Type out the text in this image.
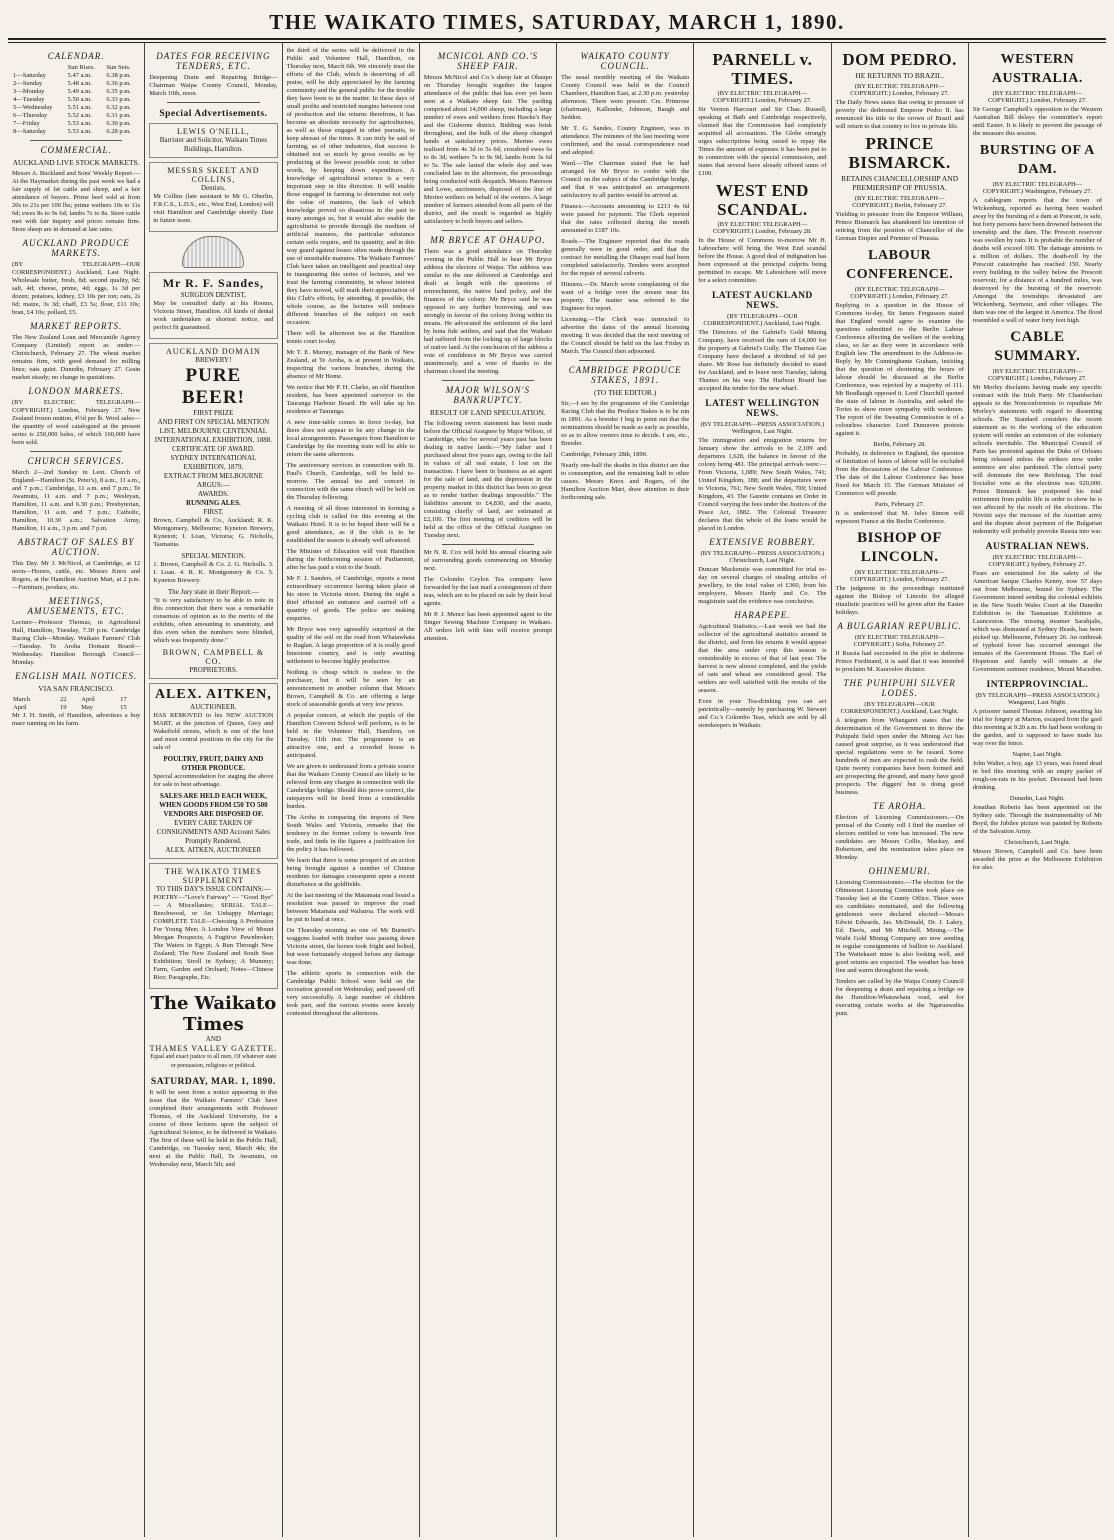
THE WAIKATO TIMES, SATURDAY, MARCH 1, 1890.
CALENDAR.
	Sun Rises.	Sun Sets.
1—Saturday	5.47 a.m.	6.38 p.m.
2—Sunday	5.48 a.m.	6.36 p.m.
3—Monday	5.49 a.m.	6.35 p.m.
4—Tuesday	5.50 a.m.	6.33 p.m.
5—Wednesday	5.51 a.m.	6.32 p.m.
6—Thursday	5.52 a.m.	6.31 p.m.
7—Friday	5.53 a.m.	6.30 p.m.
8—Saturday	5.53 a.m.	6.28 p.m.
COMMERCIAL.
AUCKLAND LIVE STOCK MARKETS.

Messrs A. Buckland and Sons' Weekly Report.—At the Haymarket during the past week we had a fair supply of fat cattle and sheep, and a fair attendance of buyers. Prime beef sold at from 20s to 21s per 100 lbs; prime wethers 10s to 11s 6d; ewes 8s to 9s 6d; lambs 7s to 8s. Store cattle met with fair inquiry and prices remain firm. Store sheep are in demand at late rates.

AUCKLAND PRODUCE MARKETS.

(BY TELEGRAPH—OUR CORRESPONDENT.) Auckland, Last Night. Wholesale butter, fresh, 8d; second quality, 6d; salt, 4d; cheese, prime, 4d; eggs, 1s 3d per dozen; potatoes, kidney, £3 10s per ton; oats, 2s 6d; maize, 3s 3d; chaff, £3 5s; flour, £11 10s; bran, £4 10s; pollard, £5.

MARKET REPORTS.

The New Zealand Loan and Mercantile Agency Company (Limited) report as under:— Christchurch, February 27. The wheat market remains firm, with good demand for milling lines; oats quiet. Dunedin, February 27. Grain market steady; no change in quotations.

LONDON MARKETS.

(BY ELECTRIC TELEGRAPH—COPYRIGHT.) London, February 27. New Zealand frozen mutton, 4½d per lb. Wool sales—the quantity of wool catalogued at the present series is 250,000 bales, of which 160,000 have been sold.

CHURCH SERVICES.

March 2—2nd Sunday in Lent. Church of England—Hamilton (St. Peter's), 8 a.m., 11 a.m., and 7 p.m.; Cambridge, 11 a.m. and 7 p.m.; Te Awamutu, 11 a.m. and 7 p.m.; Wesleyan, Hamilton, 11 a.m. and 6.30 p.m.; Presbyterian, Hamilton, 11 a.m. and 7 p.m.; Catholic, Hamilton, 10.30 a.m.; Salvation Army, Hamilton, 11 a.m., 3 p.m. and 7 p.m.

ABSTRACT OF SALES BY AUCTION.

This Day. Mr J. McNicol, at Cambridge, at 12 noon—Horses, cattle, etc. Messrs Knox and Rogers, at the Hamilton Auction Mart, at 2 p.m.—Furniture, produce, etc.

MEETINGS, AMUSEMENTS, ETC.

Lecture—Professor Thomas, in Agricultural Hall, Hamilton, Tuesday, 7.30 p.m. Cambridge Racing Club—Monday. Waikato Farmers' Club—Tuesday. Te Aroha Domain Board—Wednesday. Hamilton Borough Council—Monday.

ENGLISH MAIL NOTICES.
VIA SAN FRANCISCO.
March	22	April	17
April	19	May	15

Mr J. H. Smith, of Hamilton, advertises a buy mare running on his farm.

DATES FOR RECEIVING TENDERS, ETC.

Deepening Drain and Repairing Bridge—Chairman Waipa County Council, Monday, March 10th, noon.

Special Advertisements.
LEWIS O'NEILL,
Barrister and Solicitor, Waikato Times Buildings, Hamilton.
MESSRS SKEET AND COLLINS,
Dentists.

Mr Collins (late assistant to Mr G. Oberlin, F.R.C.S., L.D.S., etc., West End, London) will visit Hamilton and Cambridge shortly. Date in future issue.

Mr R. F. Sandes,
SURGEON DENTIST,

May be consulted daily at his Rooms, Victoria Street, Hamilton. All kinds of dental work undertaken at shortest notice, and perfect fit guaranteed.

AUCKLAND DOMAIN
BREWERY!
PURE BEER!
FIRST PRIZE
AND FIRST ON SPECIAL MENTION LIST, MELBOURNE CENTENNIAL INTERNATIONAL EXHIBITION, 1888.
CERTIFICATE OF AWARD.
SYDNEY INTERNATIONAL EXHIBITION, 1879.
EXTRACT FROM MELBOURNE ARGUS:—
AWARDS.
RUNNING ALES.
FIRST.

Brown, Campbell & Co., Auckland; R. K. Montgomery, Melbourne; Kyneton Brewery, Kyneton; I. Loan, Victoria; G. Nicholls, Tasmania.

SPECIAL MENTION.

1. Brown, Campbell & Co. 2. G. Nicholls. 3. I. Loan. 4. R. K. Montgomery & Co. 5. Kyneton Brewery.

The Jury state in their Report:—

"It is very satisfactory to be able to note in this connection that there was a remarkable consensus of opinion as to the merits of the exhibits, often amounting to unanimity, and this even when the numbers were blinded, which was frequently done."

BROWN, CAMPBELL & CO.
PROPRIETORS.
ALEX. AITKEN,
AUCTIONEER.

HAS REMOVED to his NEW AUCTION MART, at the junction of Queen, Grey and Wakefield streets, which is one of the best and most central positions in the city for the sale of

POULTRY, FRUIT, DAIRY AND OTHER PRODUCE.

Special accommodation for staging the above for sale to best advantage.

SALES ARE HELD EACH WEEK, WHEN GOODS FROM £50 TO 500 VENDORS ARE DISPOSED OF.
EVERY CARE TAKEN OF CONSIGNMENTS AND Account Sales Promptly Rendered.
ALEX. AITKEN, AUCTIONEER
THE WAIKATO TIMES SUPPLEMENT
TO THIS DAY'S ISSUE CONTAINS:—

POETRY—"Love's Fairway" — "Good Bye" — A Miscellanies; SERIAL TALE—Beechwood, or An Unhappy Marriage; COMPLETE TALE—Choosing A Profession For Young Men; A London View of Mount Morgan Prospects; A Fugitive Pawnbroker; The Waters in Egypt; A Run Through New Zealand; The New Zealand and South Seas Exhibition; Stroll in Sydney; A Mummy; Farm, Garden and Orchard; Notes—Chinese Rice; Paragraphs, Etc.

The Waikato Times
AND
THAMES VALLEY GAZETTE.
Equal and exact justice to all men, Of whatever state or persuasion, religious or political.
SATURDAY, MAR. 1, 1890.

It will be seen from a notice appearing in this issue that the Waikato Farmers' Club have completed their arrangements with Professor Thomas, of the Auckland University, for a course of three lectures upon the subject of Agricultural Science, to be delivered in Waikato. The first of these will be held in the Public Hall, Cambridge, on Tuesday next, March 4th; the next at the Public Hall, Te Awamutu, on Wednesday next, March 5th; and

the third of the series will be delivered in the Public and Volunteer Hall, Hamilton, on Thursday next, March 6th. We sincerely trust the efforts of the Club, which is deserving of all praise, will be duly appreciated by the farming community and the general public for the trouble they have been to in the matter. In these days of small profits and restricted margins between cost of production and the returns therefrom, it has become an absolute necessity for agriculturists, as well as those engaged in other pursuits, to keep abreast of the times. It can truly be said of farming, as of other industries, that success is obtained not so much by gross results as by producing at the lowest possible cost; in other words, by keeping down expenditure. A knowledge of agricultural science is a very important step in this direction. It will enable those engaged in farming to determine not only the value of manures, the lack of which knowledge proved so disastrous in the past to many amongst us, but it would also enable the agriculturist to provide through the medium of artificial manures, the particular substance certain soils require, and its quantity, and in this way guard against losses often made through the use of unsuitable manures. The Waikato Farmers' Club have taken an intelligent and practical step in inaugurating this series of lectures, and we trust the farming community, in whose interest they have moved, will mark their appreciation of this Club's efforts, by attending, if possible, the whole course, as the lectures will embrace different branches of the subject on each occasion.

There will be afternoon tea at the Hamilton tennis court to-day.

Mr T. E. Murray, manager of the Bank of New Zealand, at Te Aroha, is at present in Waikato, inspecting the various branches, during the absence of Mr Home.

We notice that Mr P. H. Clarke, an old Hamilton resident, has been appointed surveyor to the Tauranga Harbour Board. He will take up his residence at Tauranga.

A new time-table comes in force to-day, but there does not appear to be any change in the local arrangements. Passengers from Hamilton to Cambridge by the morning train will be able to return the same afternoon.

The anniversary services in connection with St. Paul's Church, Cambridge, will be held to-morrow. The annual tea and concert in connection with the same church will be held on the Thursday following.

A meeting of all those interested in forming a cycling club is called for this evening at the Waikato Hotel. It is to be hoped there will be a good attendance, as if the club is to be established the season is already well advanced.

The Minister of Education will visit Hamilton during the forthcoming session of Parliament, after he has paid a visit to the South.

Mr F. J. Sanders, of Cambridge, reports a most extraordinary occurrence having taken place at his store in Victoria street. During the night a thief effected an entrance and carried off a quantity of goods. The police are making enquiries.

Mr Bryce was very agreeably surprised at the quality of the soil on the road from Whatawhata to Raglan. A large proportion of it is really good limestone country, and is only awaiting settlement to become highly productive.

Nothing is cheap which is useless to the purchaser, but it will be seen by an announcement in another column that Messrs Brown, Campbell & Co. are offering a large stock of seasonable goods at very low prices.

A popular concert, at which the pupils of the Hamilton Convent School will perform, is to be held in the Volunteer Hall, Hamilton, on Tuesday, 11th inst. The programme is an attractive one, and a crowded house is anticipated.

We are given to understand from a private source that the Waikato County Council are likely to be relieved from any charges in connection with the Cambridge bridge. Should this prove correct, the ratepayers will be freed from a considerable burden.

The Aroha in comparing the imports of New South Wales and Victoria, remarks that the tendency in the former colony is towards free trade, and finds in the figures a justification for the policy it has followed.

We learn that there is some prospect of an action being brought against a number of Chinese residents for damages consequent upon a recent disturbance at the goldfields.

At the last meeting of the Matamata road board a resolution was passed to improve the road between Matamata and Waharoa. The work will be put in hand at once.

On Thursday morning as one of Mr Burnett's waggons loaded with timber was passing down Victoria street, the horses took fright and bolted, but were fortunately stopped before any damage was done.

The athletic sports in connection with the Cambridge Public School were held on the recreation ground on Wednesday, and passed off very successfully. A large number of children took part, and the various events were keenly contested throughout the afternoon.

MCNICOL AND CO.'S SHEEP FAIR.

Messrs McNicol and Co.'s sheep fair at Ohaupo on Thursday brought together the largest attendance of the public that has ever yet been seen at a Waikato sheep fair. The yarding comprised about 14,000 sheep, including a large number of ewes and wethers from Hawke's Bay and the Gisborne district. Bidding was brisk throughout, and the bulk of the sheep changed hands at satisfactory prices. Merino ewes realised from 4s 3d to 5s 6d; crossbred ewes 6s to 8s 3d; wethers 7s to 9s 9d; lambs from 3s 6d to 5s. The sale lasted the whole day and was concluded late in the afternoon, the proceedings being conducted with despatch. Messrs Paterson and Lowe, auctioneers, disposed of the line of Merino wethers on behalf of the owners. A large number of farmers attended from all parts of the district, and the result is regarded as highly satisfactory to both buyers and sellers.

MR BRYCE AT OHAUPO.

There was a good attendance on Thursday evening in the Public Hall to hear Mr Bryce address the electors of Waipa. The address was similar to the one delivered at Cambridge and dealt at length with the questions of retrenchment, the native land policy, and the finances of the colony. Mr Bryce said he was opposed to any further borrowing, and was strongly in favour of the colony living within its means. He advocated the settlement of the land by bona fide settlers, and said that the Waikato had suffered from the locking up of large blocks of native land. At the conclusion of the address a vote of confidence in Mr Bryce was carried unanimously, and a vote of thanks to the chairman closed the meeting.

MAJOR WILSON'S BANKRUPTCY.
RESULT OF LAND SPECULATION.

The following sworn statement has been made before the Official Assignee by Major Wilson, of Cambridge, who for several years past has been dealing in native lands:—"My father and I purchased about five years ago, owing to the fall in values of all real estate, I lost on the transaction. I have been in business as an agent for the sale of land, and the depression in the property market in this district has been so great as to render further dealings impossible." The liabilities amount to £4,830, and the assets, consisting chiefly of land, are estimated at £2,100. The first meeting of creditors will be held at the office of the Official Assignee on Tuesday next.

Mr N. R. Cox will hold his annual clearing sale of surrounding goods commencing on Monday next.

The Colombo Ceylon Tea company have forwarded by the last mail a consignment of their teas, which are to be placed on sale by their local agents.

Mr P. J. Mence has been appointed agent to the Singer Sewing Machine Company in Waikato. All orders left with him will receive prompt attention.

WAIKATO COUNTY COUNCIL.

The usual monthly meeting of the Waikato County Council was held in the Council Chambers, Hamilton East, at 2.30 p.m. yesterday afternoon. There were present: Crs. Primrose (chairman), Kallender, Johnson, Baugh and Seddon.

Mr T. G. Sandes, County Engineer, was in attendance. The minutes of the last meeting were confirmed, and the usual correspondence read and adopted.

Ward.—The Chairman stated that he had arranged for Mr Bryce to confer with the Council on the subject of the Cambridge bridge, and that it was anticipated an arrangement satisfactory to all parties would be arrived at.

Finance.—Accounts amounting to £213 4s 6d were passed for payment. The Clerk reported that the rates collected during the month amounted to £187 10s.

Roads.—The Engineer reported that the roads generally were in good order, and that the contract for metalling the Ohaupo road had been completed satisfactorily. Tenders were accepted for the repair of several culverts.

Hinuera.—Dr. March wrote complaining of the want of a bridge over the stream near his property. The matter was referred to the Engineer for report.

Licensing.—The Clerk was instructed to advertise the dates of the annual licensing meeting. It was decided that the next meeting of the Council should be held on the last Friday in March. The Council then adjourned.

CAMBRIDGE PRODUCE STAKES, 1891.
(TO THE EDITOR.)

Sir,—I see by the programme of the Cambridge Racing Club that the Produce Stakes is to be run in 1891. As a breeder I beg to point out that the nominations should be made as early as possible, so as to allow owners time to decide. I am, etc., Breeder.

Cambridge, February 28th, 1890.

Nearly one-half the deaths in this district are due to consumption, and the remaining half to other causes. Messrs Knox and Rogers, of the Hamilton Auction Mart, draw attention to their forthcoming sale.

PARNELL v. TIMES.
(BY ELECTRIC TELEGRAPH—COPYRIGHT.) London, February 27.

Sir Vernon Harcourt and Sir Chas. Russell, speaking at Bath and Cambridge respectively, claimed that the Commission had completely acquitted all accusations. The Globe strongly urges subscriptions being raised to repay the Times the amount of expenses it has been put to in connection with the special commission, and states that several have already offered sums of £100.

WEST END SCANDAL.
(BY ELECTRIC TELEGRAPH—COPYRIGHT.) London, February 28.

In the House of Commons to-morrow Mr H. Labouchere will bring the West End scandal before the House. A good deal of indignation has been expressed at the principal culprits being permitted to escape. Mr Labouchere will move for a select committee.

LATEST AUCKLAND NEWS.
(BY TELEGRAPH—OUR CORRESPONDENT.) Auckland, Last Night.

The Directors of the Gabriel's Gold Mining Company, have received the sum of £4,000 for the property at Gabriel's Gully. The Thames Gas Company have declared a dividend of 6d per share. Mr Rose has definitely decided to stand for Auckland, and to leave next Tuesday, taking Thames on his way. The Harbour Board has accepted the tender for the new wharf.

LATEST WELLINGTON NEWS.
(BY TELEGRAPH—PRESS ASSOCIATION.) Wellington, Last Night.

The immigration and emigration returns for January show the arrivals to be 2,109 and departures 1,628, the balance in favour of the colony being 481. The principal arrivals were:—From Victoria, 1,089; New South Wales, 741; United Kingdom, 188; and the departures were to Victoria, 761; New South Wales, 709; United Kingdom, 43. The Gazette contains an Order in Council varying the fees under the Justices of the Peace Act, 1882. The Colonial Treasurer declares that the whole of the loans would be placed in London.

EXTENSIVE ROBBERY.
(BY TELEGRAPH—PRESS ASSOCIATION.) Christchurch, Last Night.

Duncan Mackenzie was committed for trial to-day on several charges of stealing articles of jewellery, to the total value of £360, from his employers, Messrs Hardy and Co. The magistrate said the evidence was conclusive.

HARAPEPE.

Agricultural Statistics.—Last week we had the collector of the agricultural statistics around in the district, and from his returns it would appear that the area under crop this season is considerably in excess of that of last year. The harvest is now almost completed, and the yields of oats and wheat are considered good. The settlers are well satisfied with the results of the season.

Even in your Tea-drinking you can act patriotically—namely by purchasing W. Stewart and Co.'s Colombo Teas, which are sold by all storekeepers in Waikato.

DOM PEDRO.
HE RETURNS TO BRAZIL.
(BY ELECTRIC TELEGRAPH—COPYRIGHT.) London, February 27.

The Daily News states that owing to pressure of poverty the dethroned Emperor Pedro II. has renounced his title to the crown of Brazil and will return to that country to live in private life.

PRINCE BISMARCK.
RETAINS CHANCELLORSHIP AND PREMIERSHIP OF PRUSSIA.
(BY ELECTRIC TELEGRAPH—COPYRIGHT.) Berlin, February 27.

Yielding to pressure from the Emperor William, Prince Bismarck has abandoned his intention of retiring from the position of Chancellor of the German Empire and Premier of Prussia.

LABOUR CONFERENCE.
(BY ELECTRIC TELEGRAPH—COPYRIGHT.) London, February 27.

Replying to a question in the House of Commons to-day, Sir James Fergusson stated that England would agree to examine the questions submitted to the Berlin Labour Conference affecting the welfare of the working class, so far as they were in accordance with English law. The amendment to the Address-in-Reply by Mr Cunninghame Graham, insisting that the question of shortening the hours of labour should be discussed at the Berlin Conference, was rejected by a majority of 111. Mr Bradlaugh opposed it. Lord Churchill quoted the state of labour in Australia, and asked the Tories to show more sympathy with workmen. The report of the Sweating Commission is of a colourless character. Lord Dunraven protests against it.

Berlin, February 28.

Probably, in deference to England, the question of limitation of hours of labour will be excluded from the discussions of the Labour Conference. The date of the Labour Conference has been fixed for March 15. The German Minister of Commerce will preside.

Paris, February 27.

It is understood that M. Jules Simon will represent France at the Berlin Conference.

BISHOP OF LINCOLN.
(BY ELECTRIC TELEGRAPH—COPYRIGHT.) London, February 27.

The judgment in the proceedings instituted against the Bishop of Lincoln for alleged ritualistic practices will be given after the Easter holidays.

A BULGARIAN REPUBLIC.
(BY ELECTRIC TELEGRAPH—COPYRIGHT.) Sofia, February 27.

If Russia had succeeded in the plot to dethrone Prince Ferdinand, it is said that it was intended to proclaim M. Karavelov dictator.

THE PUHIPUHI SILVER LODES.
(BY TELEGRAPH—OUR CORRESPONDENT.) Auckland, Last Night.

A telegram from Whangarei states that the determination of the Government to throw the Puhipuhi field open under the Mining Act has caused great surprise, as it was understood that special regulations were to be issued. Some hundreds of men are expected to rush the field. Quite twenty companies have been formed and are prospecting the ground, and many have good prospects. The diggers' hut is doing good business.

TE AROHA.

Election of Licensing Commissioners.—On perusal of the County roll I find the number of electors entitled to vote has increased. The new candidates are Messrs Collie, Mackay, and Robertson, and the nomination takes place on Monday.

OHINEMURI.

Licensing Commissioners.—The election for the Ohinemuri Licensing Committee took place on Tuesday last at the County Office. There were six candidates nominated, and the following gentlemen were declared elected:—Messrs Edwin Edwards, Jas. McDonald, Dr. J. Lakey, Ed. Davis, and Mr Mitchell. Mining.—The Waihi Gold Mining Company are now sending in regular consignments of bullion to Auckland. The Waitekauri mine is also looking well, and good returns are expected. The weather has been fine and warm throughout the week.

Tenders are called by the Waipa County Council for deepening a drain and repairing a bridge on the Hamilton-Whatawhata road, and for executing certain works at the Ngaruawahia punt.

WESTERN AUSTRALIA.
(BY ELECTRIC TELEGRAPH—COPYRIGHT.) London, February 27.

Sir George Campbell's opposition to the Western Australian Bill delays the committee's report until Easter. It is likely to prevent the passage of the measure this session.

BURSTING OF A DAM.
(BY ELECTRIC TELEGRAPH—COPYRIGHT.) Washington, February 27.

A cablegram reports that the town of Wickenburg, reported as having been washed away by the bursting of a dam at Prescott, is safe, but forty persons have been drowned between the township and the dam. The Prescott reservoir was swollen by rain. It is probable the number of deaths will exceed 100. The damage amounts to a million of dollars. The death-roll by the Prescott catastrophe has reached 150. Nearly every building in the valley below the Prescott reservoir, for a distance of a hundred miles, was destroyed by the bursting of the reservoir. Amongst the townships devastated are Wickenberg, Seymour, and other villages. The dam was one of the largest in America. The flood resembled a wall of water forty feet high.

CABLE SUMMARY.
(BY ELECTRIC TELEGRAPH—COPYRIGHT.) London, February 27.

Mr Morley disclaims having made any specific contract with the Irish Party. Mr Chamberlain appeals to the Nonconformists to repudiate Mr Morley's statements with regard to dissenting schools. The Standard considers the recent statement as to the working of the education system will render an extension of the voluntary schools inevitable. The Municipal Council of Paris has protested against the Duke of Orleans being released unless the strikers now under sentence are also pardoned. The clerical party will dominate the new Reichstag. The total Socialist vote at the elections was 920,000. Prince Bismarck has postponed his total retirement from public life in order to show he is not affected by the result of the elections. The Novisti says the increase of the Austrian army and the dispute about payment of the Bulgarian indemnity will probably provoke Russia into war.

AUSTRALIAN NEWS.
(BY ELECTRIC TELEGRAPH—COPYRIGHT.) Sydney, February 27.

Fears are entertained for the safety of the American barque Charles Kenny, now 57 days out from Melbourne, bound for Sydney. The Government intend sending the colonial exhibits in the New South Wales Court at the Dunedin Exhibition to the Tasmanian Exhibition at Launceston. The missing steamer Sarahjalis, which was dismasted at Sydney Heads, has been picked up. Melbourne, February 26. An outbreak of typhoid fever has occurred amongst the inmates of the Government House. The Earl of Hopetoun and family will remain at the Government summer residence, Mount Macedon.

INTERPROVINCIAL.
(BY TELEGRAPH—PRESS ASSOCIATION.) Wanganui, Last Night.

A prisoner named Thomas Johnson, awaiting his trial for forgery at Marton, escaped from the gaol this morning at 9.20 a.m. He had been working in the garden, and is supposed to have made his way over the fence.

Napier, Last Night.

John Walter, a boy, age 13 years, was found dead in bed this morning with an empty packet of rough-on-rats in his pocket. Deceased had been drinking.

Dunedin, Last Night.

Jonathan Roberts has been appointed on the Sydney side. Through the instrumentality of Mr Boyd, the Jubilee picture was painted by Roberts of the Salvation Army.

Christchurch, Last Night.

Messrs Brown, Campbell and Co. have been awarded the prize at the Melbourne Exhibition for ales.
